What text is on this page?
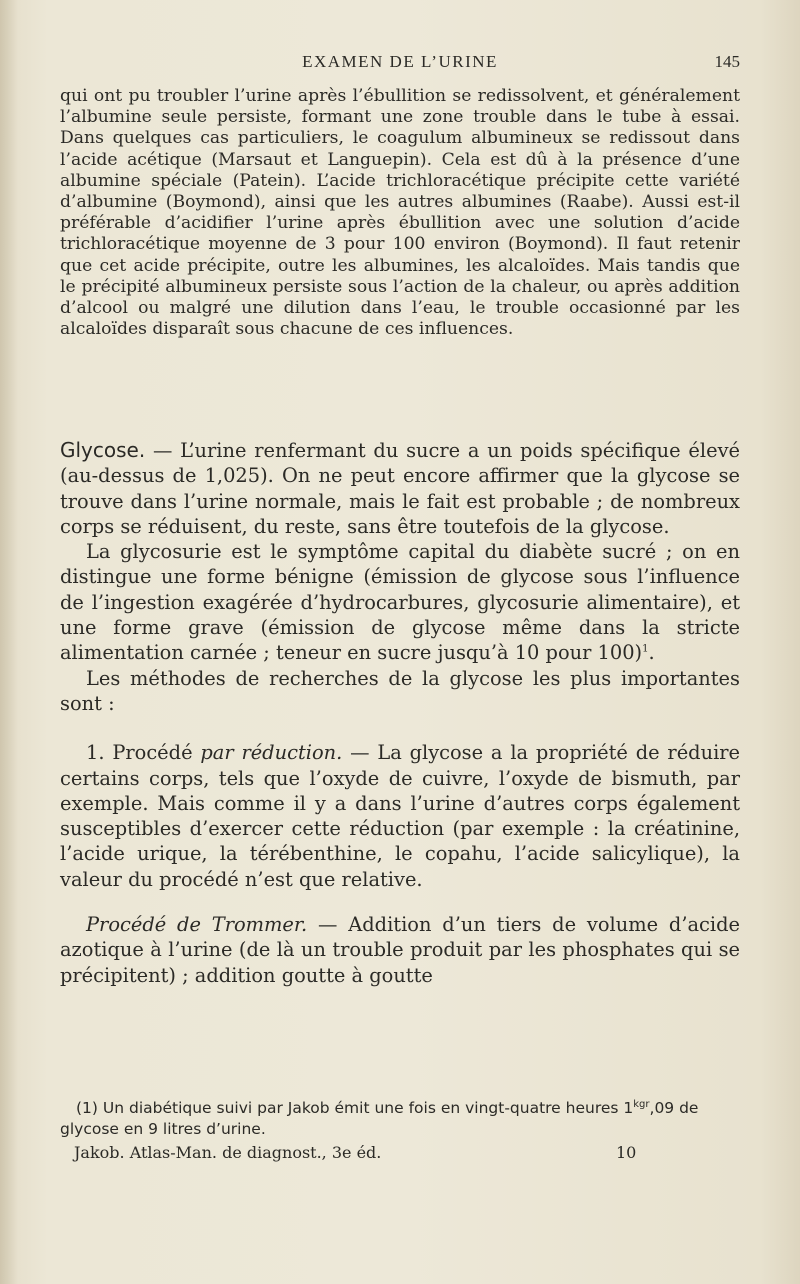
EXAMEN DE L’URINE	145

qui ont pu troubler l’urine après l’ébullition se redissolvent, et généralement l’albumine seule persiste, formant une zone trouble dans le tube à essai. Dans quelques cas particuliers, le coagulum albumineux se redissout dans l’acide acétique (Marsaut et Languepin). Cela est dû à la présence d’une albumine spéciale (Patein). L’acide trichloracétique précipite cette variété d’albumine (Boymond), ainsi que les autres albumines (Raabe). Aussi est-il préférable d’acidifier l’urine après ébullition avec une solution d’acide trichloracétique moyenne de 3 pour 100 environ (Boymond). Il faut retenir que cet acide précipite, outre les albumines, les alcaloïdes. Mais tandis que le précipité albumineux persiste sous l’action de la chaleur, ou après addition d’alcool ou malgré une dilution dans l’eau, le trouble occasionné par les alcaloïdes disparaît sous chacune de ces influences.

Glycose. — L’urine renfermant du sucre a un poids spécifique élevé (au-dessus de 1,025). On ne peut encore affirmer que la glycose se trouve dans l’urine normale, mais le fait est probable ; de nombreux corps se réduisent, du reste, sans être toutefois de la glycose.

La glycosurie est le symptôme capital du diabète sucré ; on en distingue une forme bénigne (émission de glycose sous l’influence de l’ingestion exagérée d’hydrocarbures, glycosurie alimentaire), et une forme grave (émission de glycose même dans la stricte alimentation carnée ; teneur en sucre jusqu’à 10 pour 100)$^1$.

Les méthodes de recherches de la glycose les plus importantes sont :

1. Procédé par réduction. — La glycose a la propriété de réduire certains corps, tels que l’oxyde de cuivre, l’oxyde de bismuth, par exemple. Mais comme il y a dans l’urine d’autres corps également susceptibles d’exercer cette réduction (par exemple : la créatinine, l’acide urique, la térébenthine, le copahu, l’acide salicylique), la valeur du procédé n’est que relative.

Procédé de Trommer. — Addition d’un tiers de volume d’acide azotique à l’urine (de là un trouble produit par les phosphates qui se précipitent) ; addition goutte à goutte

(1) Un diabétique suivi par Jakob émit une fois en vingt-quatre heures $1^{kgr},09$ de glycose en 9 litres d’urine.

Jakob. Atlas-Man. de diagnost., 3e éd.	10
